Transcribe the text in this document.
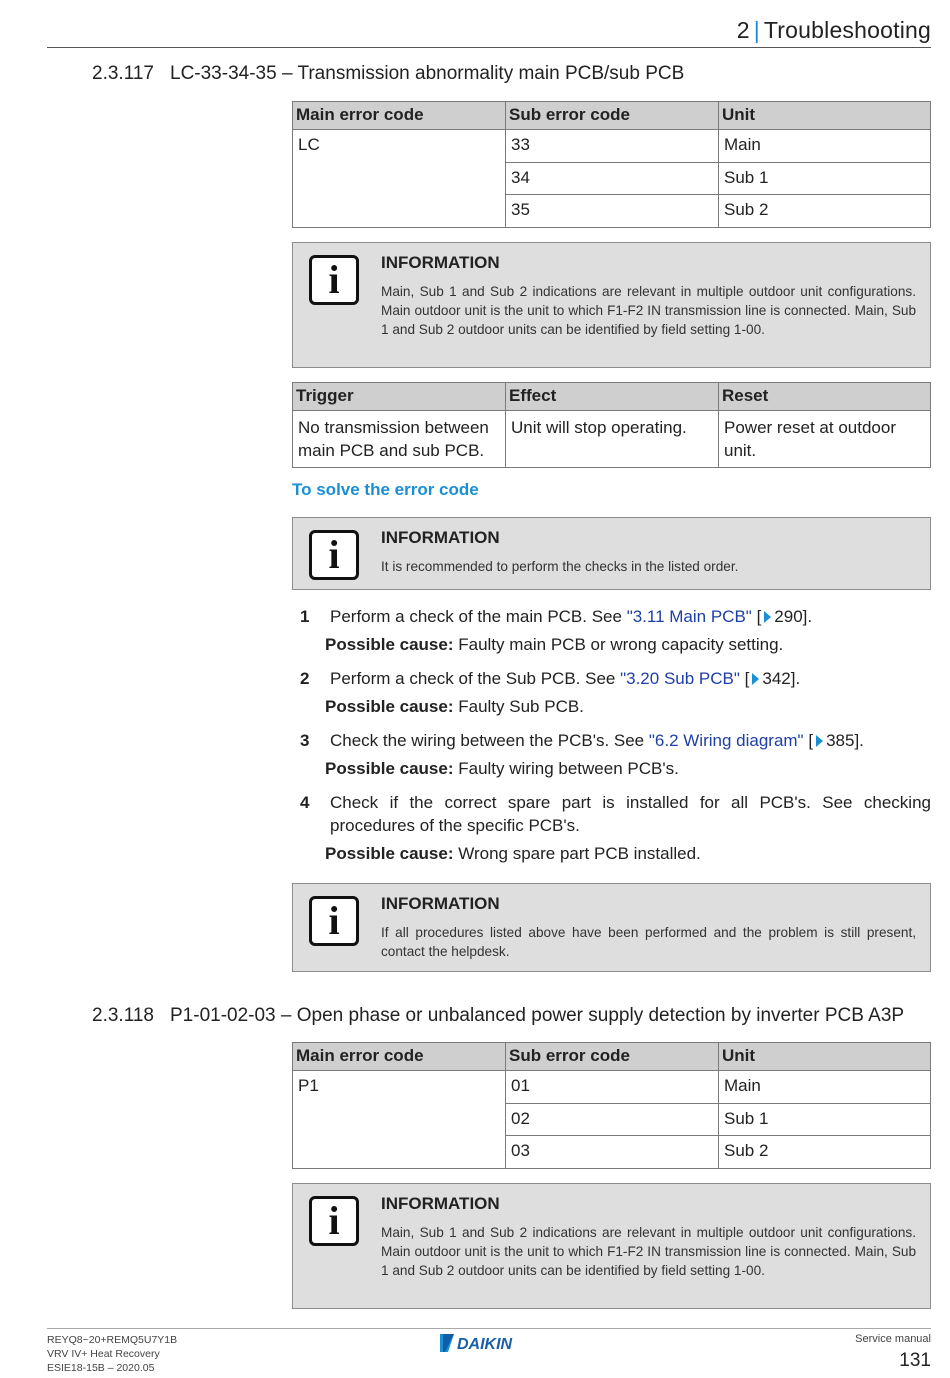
2 | Troubleshooting
2.3.117 LC-33-34-35 – Transmission abnormality main PCB/sub PCB
Main error code	Sub error code	Unit
LC	33	Main
	34	Sub 1
	35	Sub 2
i	INFORMATION
Main, Sub 1 and Sub 2 indications are relevant in multiple outdoor unit configurations. Main outdoor unit is the unit to which F1-F2 IN transmission line is connected. Main, Sub 1 and Sub 2 outdoor units can be identified by field setting 1-00.
Trigger	Effect	Reset
No transmission between main PCB and sub PCB.	Unit will stop operating.	Power reset at outdoor unit.
To solve the error code
i	INFORMATION
It is recommended to perform the checks in the listed order.
1 Perform a check of the main PCB. See "3.11 Main PCB" [ 290].
Possible cause: Faulty main PCB or wrong capacity setting.
2 Perform a check of the Sub PCB. See "3.20 Sub PCB" [ 342].
Possible cause: Faulty Sub PCB.
3 Check the wiring between the PCB's. See "6.2 Wiring diagram" [ 385].
Possible cause: Faulty wiring between PCB's.
4 Check if the correct spare part is installed for all PCB's. See checking procedures of the specific PCB's.
Possible cause: Wrong spare part PCB installed.
i	INFORMATION
If all procedures listed above have been performed and the problem is still present, contact the helpdesk.
2.3.118 P1-01-02-03 – Open phase or unbalanced power supply detection by inverter PCB A3P
Main error code	Sub error code	Unit
P1	01	Main
	02	Sub 1
	03	Sub 2
i	INFORMATION
Main, Sub 1 and Sub 2 indications are relevant in multiple outdoor unit configurations. Main outdoor unit is the unit to which F1-F2 IN transmission line is connected. Main, Sub 1 and Sub 2 outdoor units can be identified by field setting 1-00.
REYQ8~20+REMQ5U7Y1B
VRV IV+ Heat Recovery
ESIE18-15B – 2020.05
DAIKIN	Service manual
131
